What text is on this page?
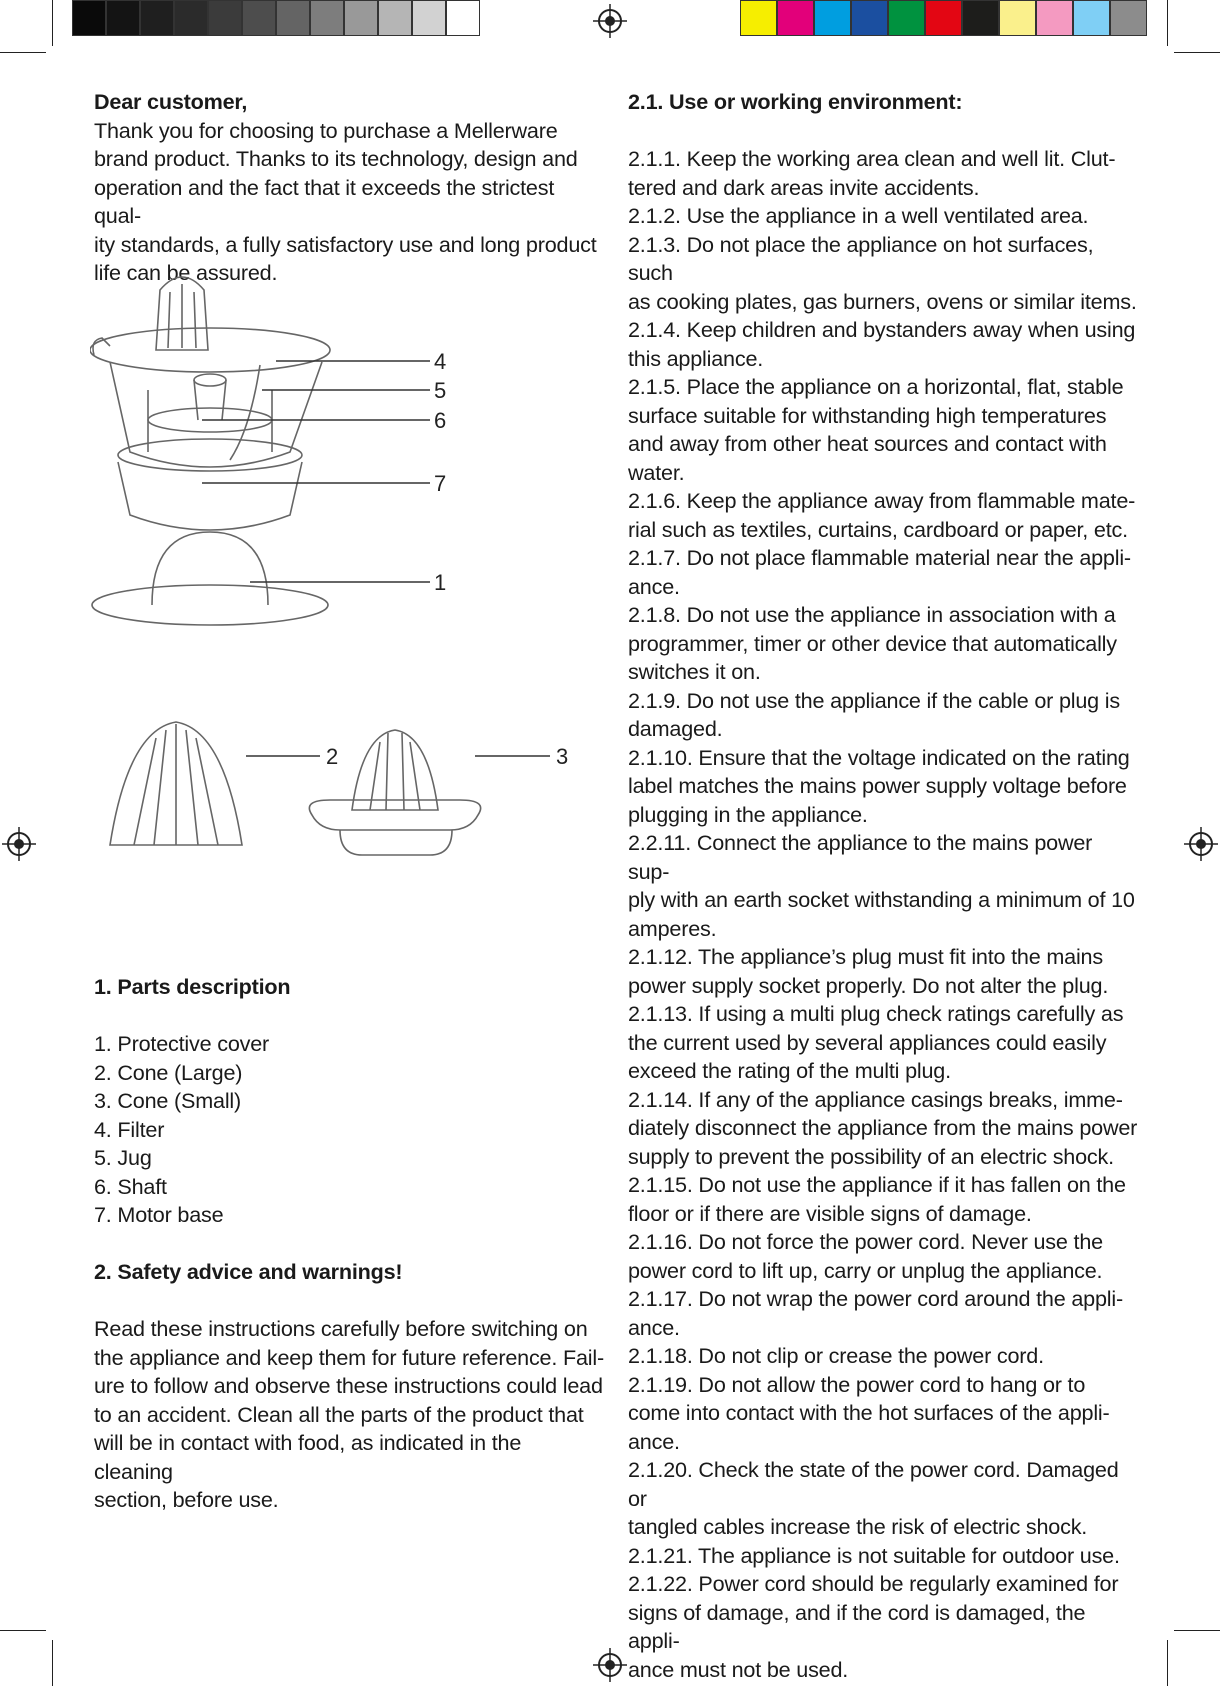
Dear customer,

Thank you for choosing to purchase a Mellerware
brand product. Thanks to its technology, design and
operation and the fact that it exceeds the strictest qual-
ity standards, a fully satisfactory use and long product
life can be assured.

4
5
6
7
1
2	3

1. Parts description

1. Protective cover

2. Cone (Large)

3. Cone (Small)

4. Filter

5. Jug

6. Shaft

7. Motor base

2. Safety advice and warnings!

Read these instructions carefully before switching on
the appliance and keep them for future reference. Fail-
ure to follow and observe these instructions could lead
to an accident. Clean all the parts of the product that
will be in contact with food, as indicated in the cleaning
section, before use.

2.1. Use or working environment:

2.1.1. Keep the working area clean and well lit. Clut-
tered and dark areas invite accidents.

2.1.2. Use the appliance in a well ventilated area.

2.1.3. Do not place the appliance on hot surfaces, such
as cooking plates, gas burners, ovens or similar items.

2.1.4. Keep children and bystanders away when using
this appliance.

2.1.5. Place the appliance on a horizontal, flat, stable
surface suitable for withstanding high temperatures
and away from other heat sources and contact with
water.

2.1.6. Keep the appliance away from flammable mate-
rial such as textiles, curtains, cardboard or paper, etc.

2.1.7. Do not place flammable material near the appli-
ance.

2.1.8. Do not use the appliance in association with a
programmer, timer or other device that automatically
switches it on.

2.1.9. Do not use the appliance if the cable or plug is
damaged.

2.1.10. Ensure that the voltage indicated on the rating
label matches the mains power supply voltage before
plugging in the appliance.

2.2.11. Connect the appliance to the mains power sup-
ply with an earth socket withstanding a minimum of 10
amperes.

2.1.12. The appliance’s plug must fit into the mains
power supply socket properly. Do not alter the plug.

2.1.13. If using a multi plug check ratings carefully as
the current used by several appliances could easily
exceed the rating of the multi plug.

2.1.14. If any of the appliance casings breaks, imme-
diately disconnect the appliance from the mains power
supply to prevent the possibility of an electric shock.

2.1.15. Do not use the appliance if it has fallen on the
floor or if there are visible signs of damage.

2.1.16. Do not force the power cord. Never use the
power cord to lift up, carry or unplug the appliance.

2.1.17. Do not wrap the power cord around the appli-
ance.

2.1.18. Do not clip or crease the power cord.

2.1.19. Do not allow the power cord to hang or to
come into contact with the hot surfaces of the appli-
ance.

2.1.20. Check the state of the power cord. Damaged or
tangled cables increase the risk of electric shock.

2.1.21. The appliance is not suitable for outdoor use.

2.1.22. Power cord should be regularly examined for
signs of damage, and if the cord is damaged, the appli-
ance must not be used.
